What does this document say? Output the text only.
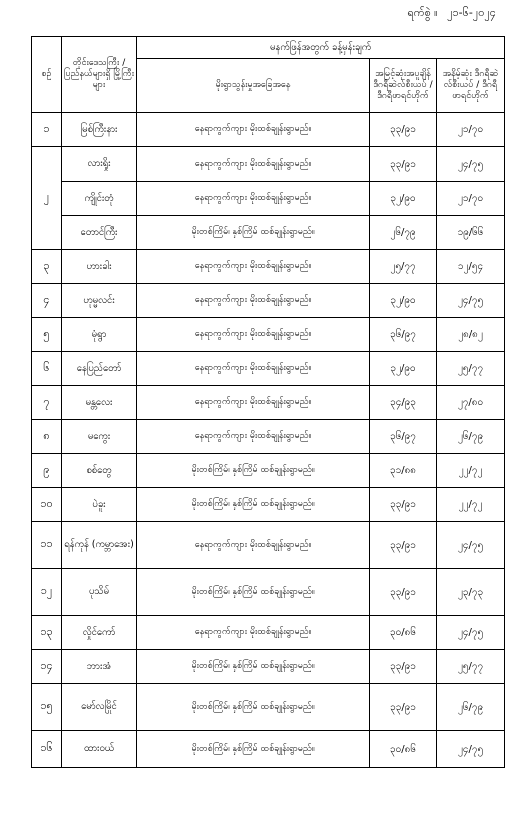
ရက်စွဲ ။ ၂၁-၆-၂၀၂၄
စဉ်	တိုင်းဒေသကြီး / ပြည်နယ်များရှိ မြို့ကြီးများ	မနက်ဖြန်အတွက် ခန့်မှန်းချက်		
		မိုးရွာသွန်းမှုအခြေအနေ	အမြင့်ဆုံးအပူချိန် ဒီဂရီဆဲလ်စီးယပ် /ဒီဂရီဖာရင်ဟိုက်	အနိမ့်ဆုံး ဒီဂရီဆဲလ်စီးယပ် / ဒီဂရီဖာရင်ဟိုက်
၁	မြစ်ကြီးနား	နေရာကွက်ကျား မိုးထစ်ချုန်းရွာမည်။	၃၃/၉၁	၂၁/၇၀
၂	လားရှိုး	နေရာကွက်ကျား မိုးထစ်ချုန်းရွာမည်။	၃၃/၉၁	၂၄/၇၅
	ကျိုင်းတုံ	နေရာကွက်ကျား မိုးထစ်ချုန်းရွာမည်။	၃၂/၉၀	၂၁/၇၀
	တောင်ကြီး	မိုးတစ်ကြိမ်၊ နှစ်ကြိမ် ထစ်ချုန်းရွာမည်။	၂၆/၇၉	၁၉/၆၆
၃	ဟားခါး	နေရာကွက်ကျား မိုးထစ်ချုန်းရွာမည်။	၂၅/၇၇	၁၂/၅၄
၄	ဟုမ္မလင်း	နေရာကွက်ကျား မိုးထစ်ချုန်းရွာမည်။	၃၂/၉၀	၂၄/၇၅
၅	မုံရွာ	နေရာကွက်ကျား မိုးထစ်ချုန်းရွာမည်။	၃၆/၉၇	၂၈/၈၂
၆	နေပြည်တော်	နေရာကွက်ကျား မိုးထစ်ချုန်းရွာမည်။	၃၂/၉၀	၂၅/၇၇
၇	မန္တလေး	နေရာကွက်ကျား မိုးထစ်ချုန်းရွာမည်။	၃၄/၉၃	၂၇/၈၀
၈	မကွေး	နေရာကွက်ကျား မိုးထစ်ချုန်းရွာမည်။	၃၆/၉၇	၂၆/၇၉
၉	စစ်တွေ	မိုးတစ်ကြိမ်၊ နှစ်ကြိမ် ထစ်ချုန်းရွာမည်။	၃၁/၈၈	၂၂/၇၂
၁၀	ပဲခူး	မိုးတစ်ကြိမ်၊ နှစ်ကြိမ် ထစ်ချုန်းရွာမည်။	၃၃/၉၁	၂၂/၇၂
၁၁	ရန်ကုန် (ကမ္ဘာအေး)	နေရာကွက်ကျား မိုးထစ်ချုန်းရွာမည်။	၃၃/၉၁	၂၄/၇၅
၁၂	ပုသိမ်	မိုးတစ်ကြိမ်၊ နှစ်ကြိမ် ထစ်ချုန်းရွာမည်။	၃၃/၉၁	၂၃/၇၃
၁၃	လှိုင်ကော်	နေရာကွက်ကျား မိုးထစ်ချုန်းရွာမည်။	၃၀/၈၆	၂၄/၇၅
၁၄	ဘားအံ	မိုးတစ်ကြိမ်၊ နှစ်ကြိမ် ထစ်ချုန်းရွာမည်။	၃၃/၉၁	၂၅/၇၇
၁၅	မော်လမြိုင်	မိုးတစ်ကြိမ်၊ နှစ်ကြိမ် ထစ်ချုန်းရွာမည်။	၃၃/၉၁	၂၆/၇၉
၁၆	ထားဝယ်	မိုးတစ်ကြိမ်၊ နှစ်ကြိမ် ထစ်ချုန်းရွာမည်။	၃၀/၈၆	၂၄/၇၅
